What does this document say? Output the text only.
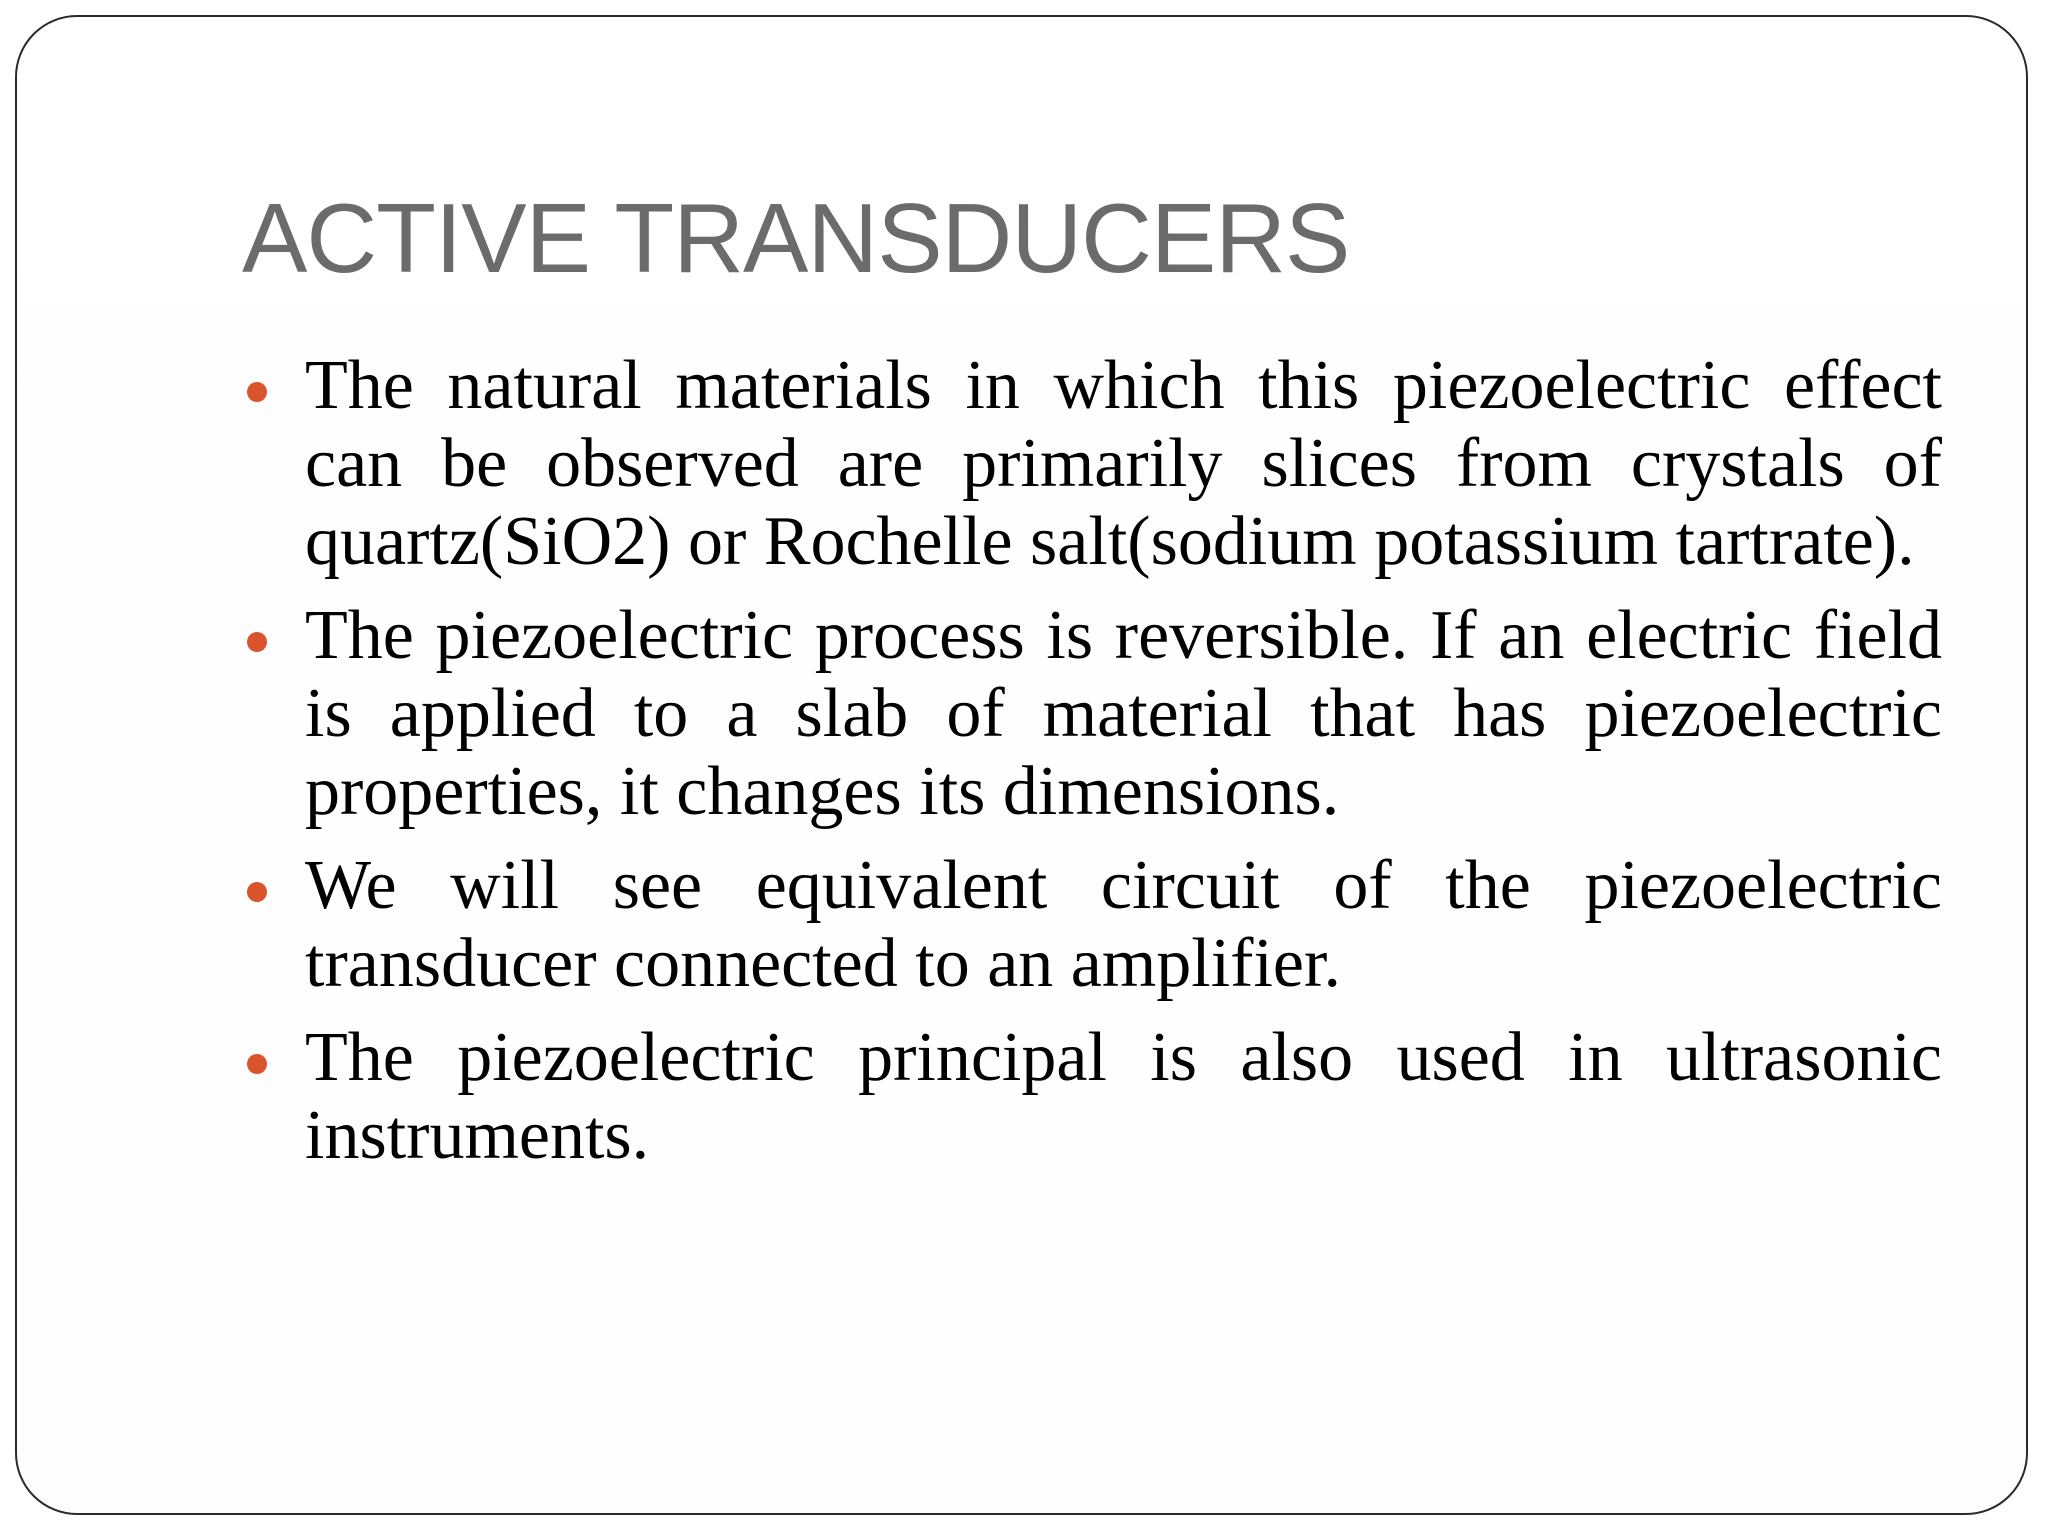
ACTIVE TRANSDUCERS
The natural materials in which this piezoelectric effect can be observed are primarily slices from crystals of quartz(SiO2) or Rochelle salt(sodium potassium tartrate).
The piezoelectric process is reversible. If an electric field is applied to a slab of material that has piezoelectric properties, it changes its dimensions.
We will see equivalent circuit of the piezoelectric transducer connected to an amplifier.
The piezoelectric principal is also used in ultrasonic instruments.
